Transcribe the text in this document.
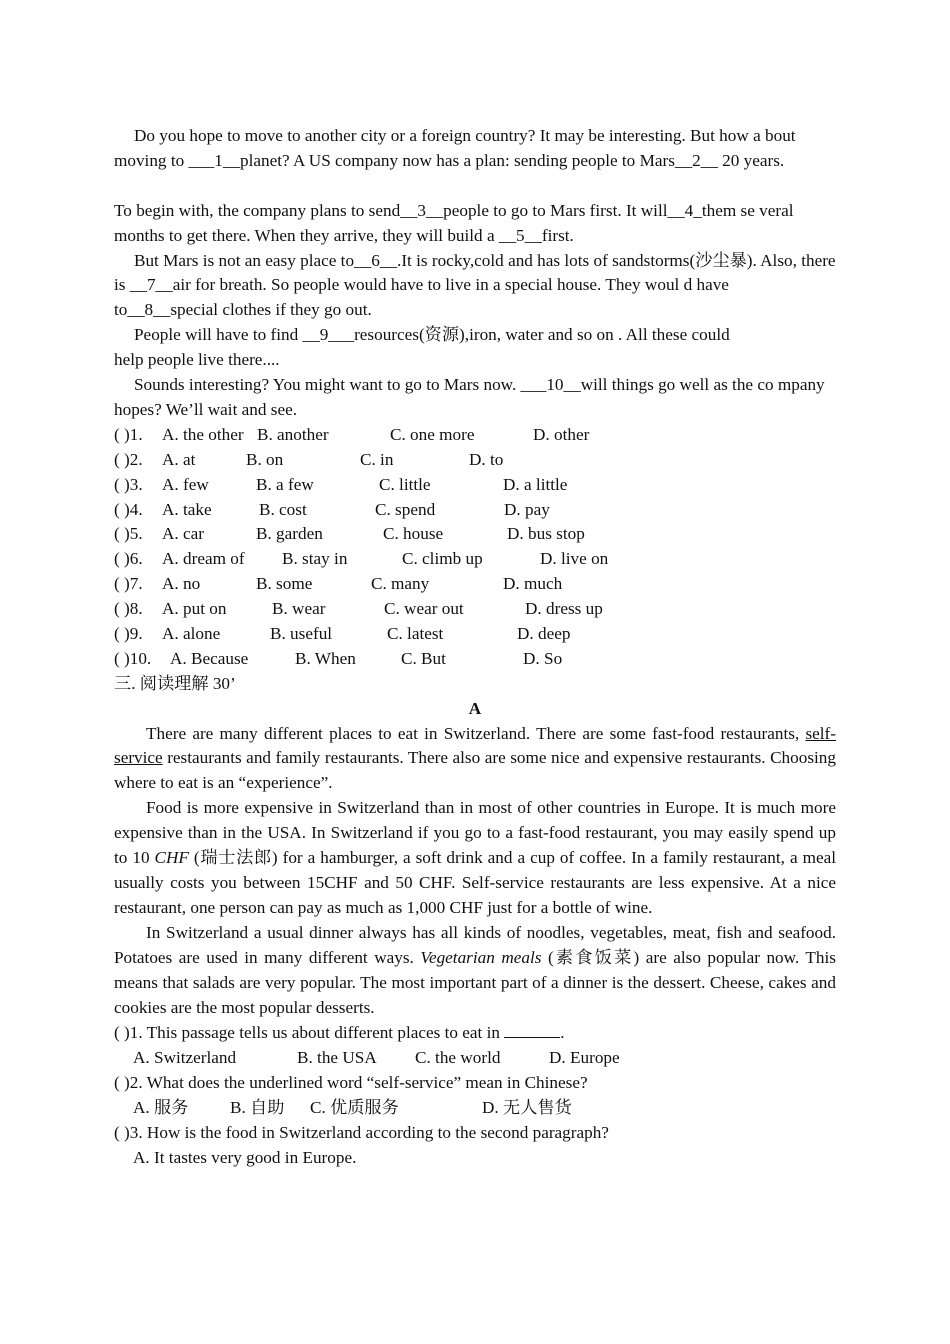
Do you hope to move to another city or a foreign country? It may be interesting. But how a bout moving to ___1__planet? A US company now has a plan: sending people to Mars__2__ 20 years.

To begin with, the company plans to send__3__people to go to Mars first. It will__4_them se veral months to get there. When they arrive, they will build a __5__first.

But Mars is not an easy place to__6__.It is rocky,cold and has lots of sandstorms(沙尘暴). Also, there is __7__air for breath. So people would have to live in a special house. They woul d have to__8__special clothes if they go out.

People will have to find __9___resources(资源),iron, water and so on . All these could

help people live there....

Sounds interesting? You might want to go to Mars now. ___10__will things go well as the co mpany hopes? We’ll wait and see.

( )1.	A. the other B. another	C. one more	D. other
( )2.	A. at	B. on	C. in	D. to
( )3.	A. few	B. a few	C. little	D. a little
( )4.	A. take	B. cost	C. spend	D. pay
( )5.	A. car	B. garden	C. house	D. bus stop
( )6.	A. dream of	B. stay in	C. climb up	D. live on
( )7.	A. no	B. some	C. many	D. much
( )8.	A. put on	B. wear	C. wear out	D. dress up
( )9.	A. alone	B. useful	C. latest	D. deep
( )10.	A. Because	B. When	C. But	D. So

三. 阅读理解 30’

A

There are many different places to eat in Switzerland. There are some fast-food restaurants, self-service restaurants and family restaurants. There also are some nice and expensive restaurants. Choosing where to eat is an “experience”.

Food is more expensive in Switzerland than in most of other countries in Europe. It is much more expensive than in the USA. In Switzerland if you go to a fast-food restaurant, you may easily spend up to 10 CHF (瑞士法郎) for a hamburger, a soft drink and a cup of coffee. In a family restaurant, a meal usually costs you between 15CHF and 50 CHF. Self-service restaurants are less expensive. At a nice restaurant, one person can pay as much as 1,000 CHF just for a bottle of wine.

In Switzerland a usual dinner always has all kinds of noodles, vegetables, meat, fish and seafood. Potatoes are used in many different ways. Vegetarian meals (素食饭菜) are also popular now. This means that salads are very popular. The most important part of a dinner is the dessert. Cheese, cakes and cookies are the most popular desserts.

( )1. This passage tells us about different places to eat in	.

A. Switzerland	B. the USA C. the world	D. Europe

( )2. What does the underlined word “self-service” mean in Chinese?

A. 服务 B. 自助 C. 优质服务	D. 无人售货

( )3. How is the food in Switzerland according to the second paragraph?

A. It tastes very good in Europe.
